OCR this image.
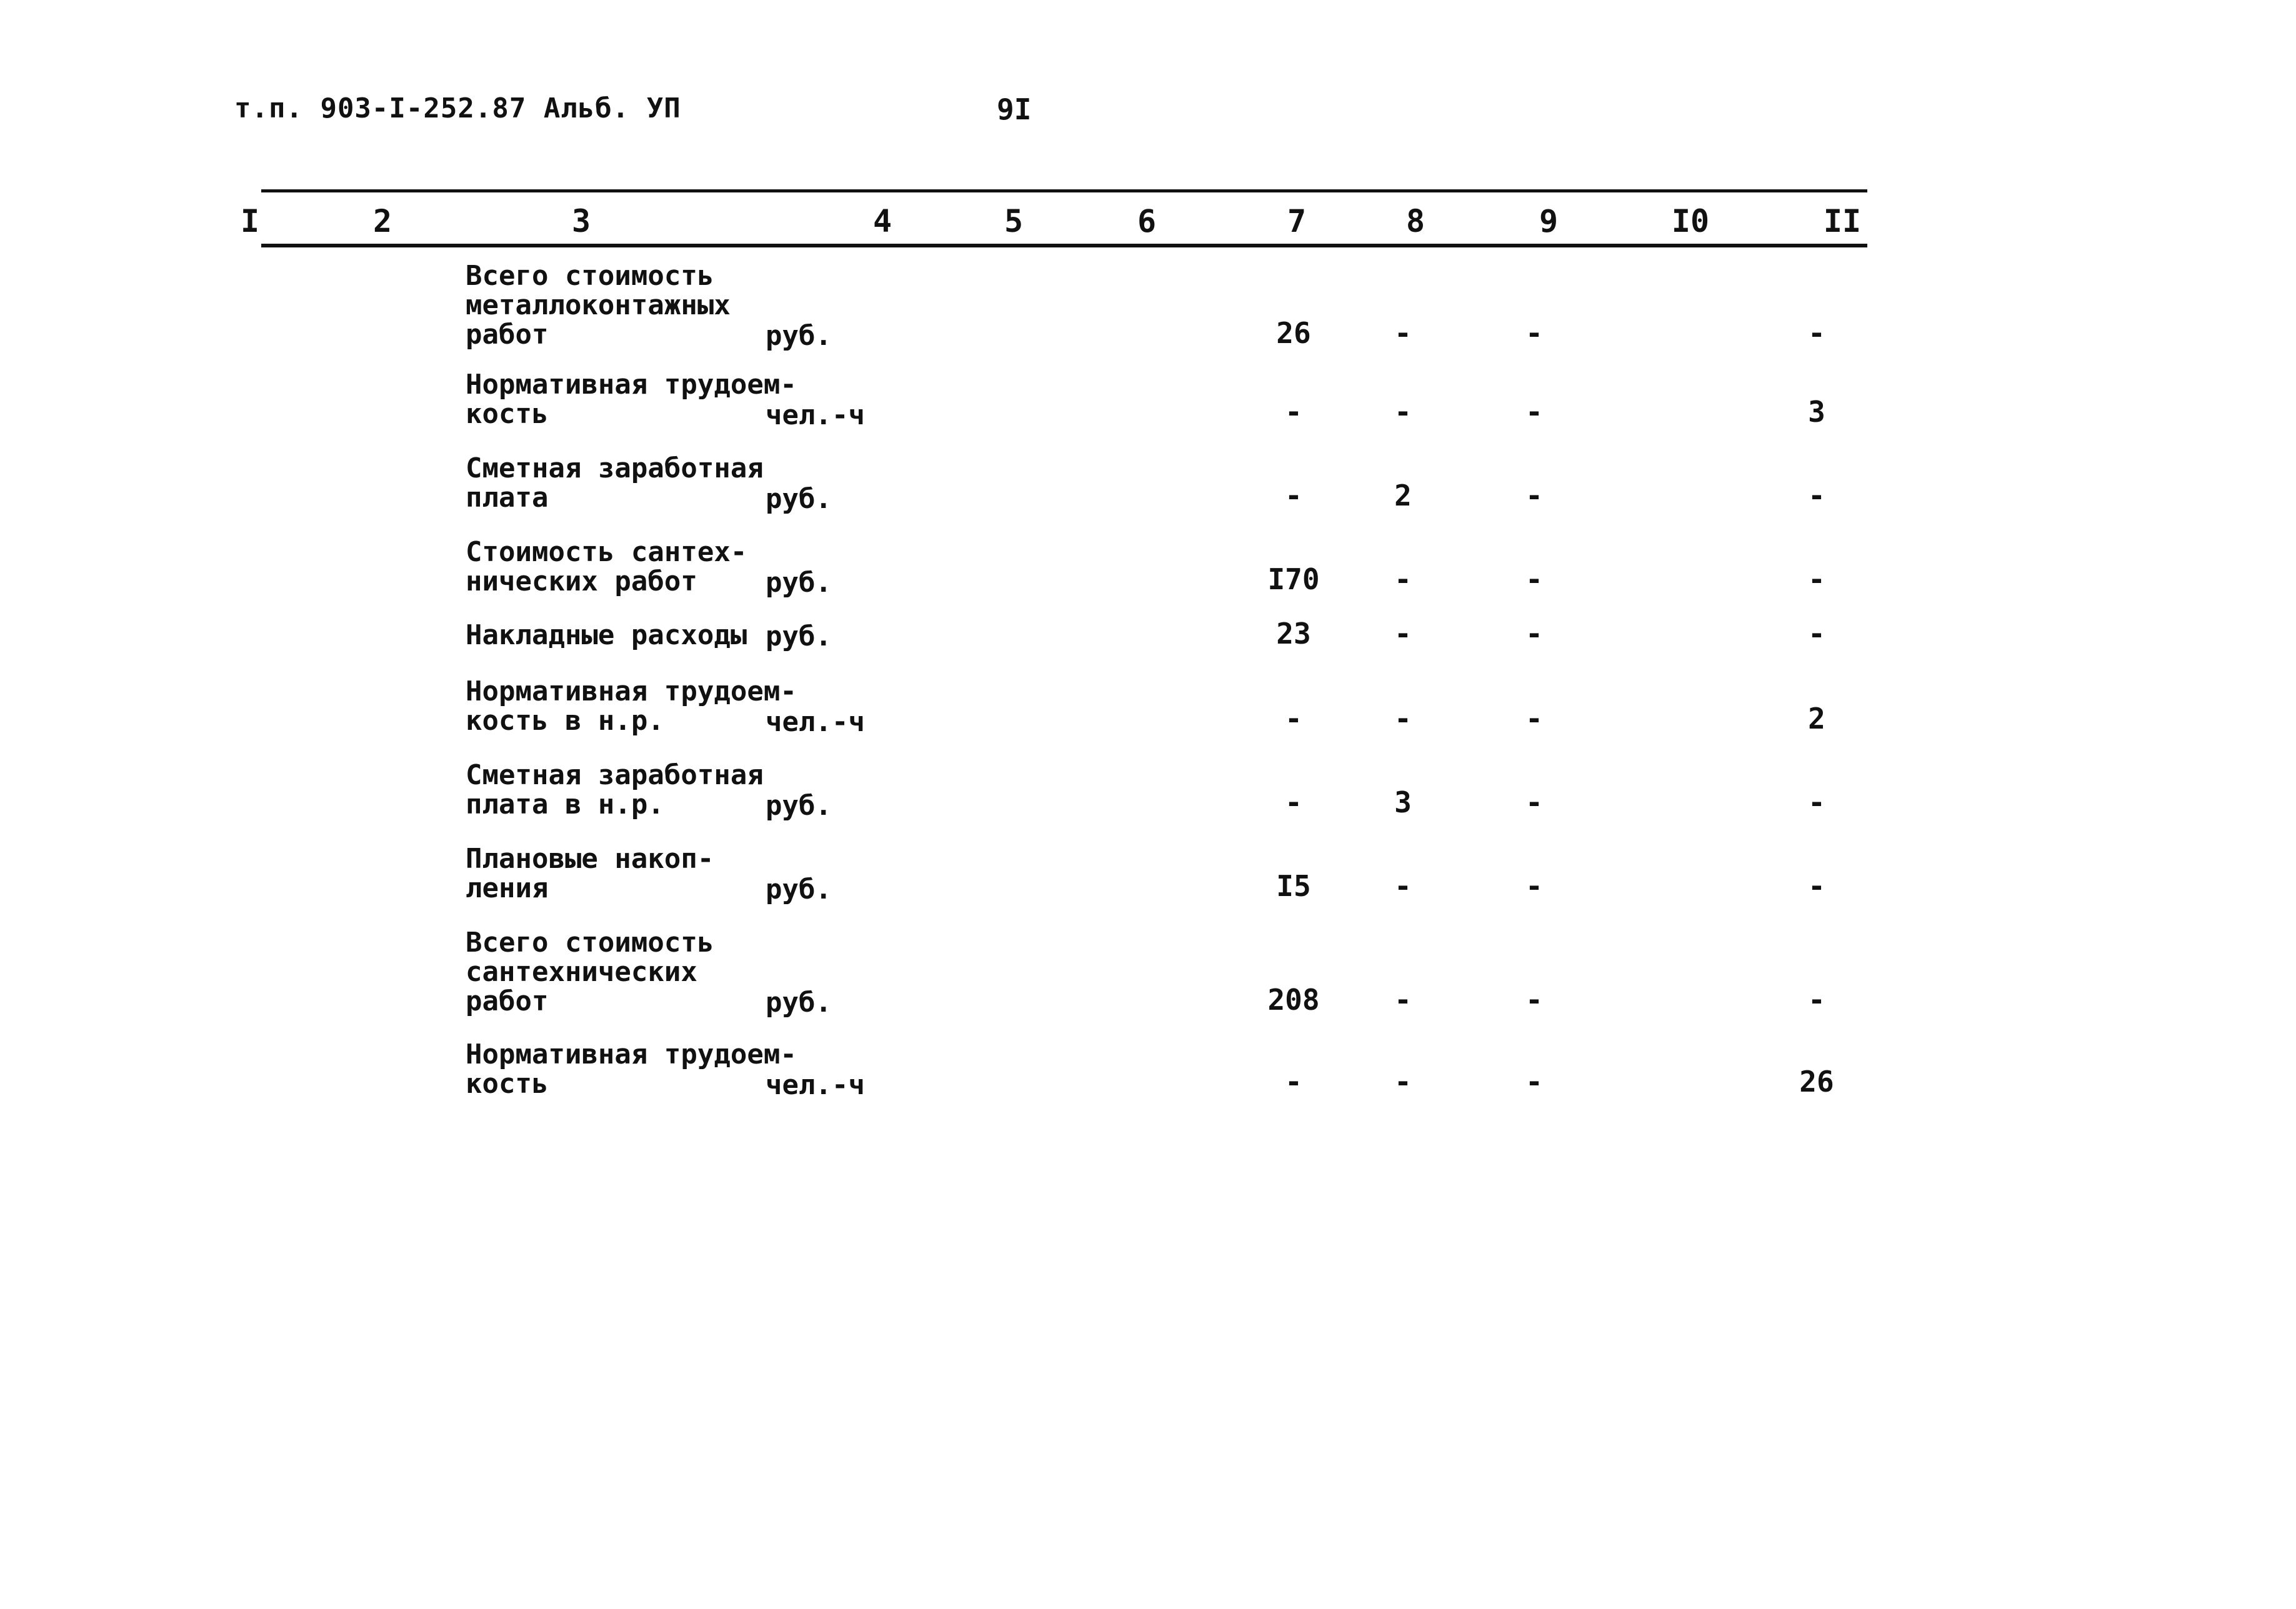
т.п. 903-I-252.87 Альб. УП	9I
I	2	3	4	5	6	7	8	9	I0	II
Всего стоимость
металлоконтажных
работ	руб.	26	-	-	-
Нормативная трудоем-
кость	чел.-ч	-	-	-	3
Сметная заработная
плата	руб.	-	2	-	-
Стоимость сантех-
нических работ	руб.	I70	-	-	-
Накладные расходы руб.	23	-	-	-
Нормативная трудоем-
кость в н.р.	чел.-ч	-	-	-	2
Сметная заработная
плата в н.р.	руб.	-	3	-	-
Плановые накоп-
ления	руб.	I5	-	-	-
Всего стоимость
сантехнических
работ	руб.	208	-	-	-
Нормативная трудоем-
кость	чел.-ч	-	-	-	26
